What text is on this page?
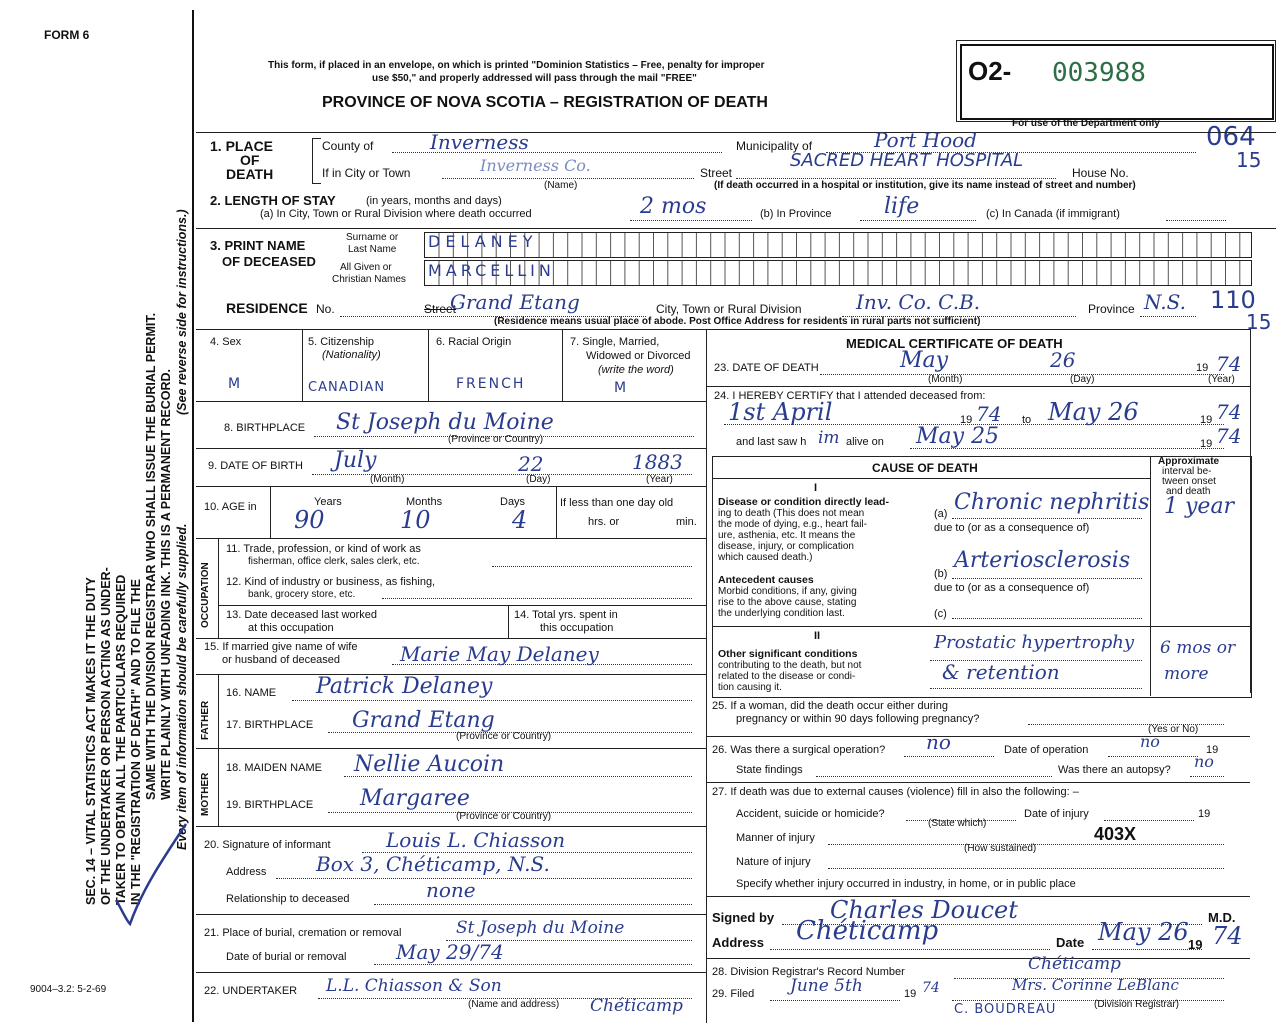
FORM 6
SEC. 14 – VITAL STATISTICS ACT MAKES IT THE DUTY OF THE UNDERTAKER OR PERSON ACTING AS UNDER- TAKER TO OBTAIN ALL THE PARTICULARS REQUIRED IN THE "REGISTRATION OF DEATH" AND TO FILE THE SAME WITH THE DIVISION REGISTRAR WHO SHALL ISSUE THE BURIAL PERMIT. WRITE PLAINLY WITH UNFADING INK. THIS IS A PERMANENT RECORD.
(See reverse side for instructions.)
Every item of information should be carefully supplied.
9004–3.2: 5-2-69
This form, if placed in an envelope, on which is printed "Dominion Statistics – Free, penalty for improper
use $50," and properly addressed will pass through the mail "FREE"
PROVINCE OF NOVA SCOTIA – REGISTRATION OF DEATH
O2- 003988
For use of the Department only 064
15
1. PLACE
OF
DEATH
County of	Inverness	Municipality of	Port Hood
If in City or Town	Inverness Co.
(Name)
Street
SACRED HEART HOSPITAL
House No.
(If death occurred in a hospital or institution, give its name instead of street and number)
2. LENGTH OF STAY	(in years, months and days)
(a) In City, Town or Rural Division where death occurred	2 mos	(b) In Province life	(c) In Canada (if immigrant)
3. PRINT NAME
OF DECEASED
Surname or
Last Name
All Given or
Christian Names
DELANEY
MARCELLIN
RESIDENCE No.	Street
Grand Etang	City, Town or Rural Division	Inv. Co. C.B.	Province N.S. 110
15
(Residence means usual place of abode. Post Office Address for residents in rural parts not sufficient)
4. Sex
M
5. Citizenship
(Nationality)
CANADIAN
6. Racial Origin
FRENCH
7. Single, Married,
Widowed or Divorced
(write the word)
M
8. BIRTHPLACE St Joseph du Moine
(Province or Country)
9. DATE OF BIRTH July	22	1883
(Month)	(Day)	(Year)
10. AGE in	Years
90
Months
10
Days
4
If less than one day old
hrs. or	min.
OCCUPATION
11. Trade, profession, or kind of work as
fisherman, office clerk, sales clerk, etc.
12. Kind of industry or business, as fishing,
bank, grocery store, etc.
13. Date deceased last worked
at this occupation
14. Total yrs. spent in
this occupation
15. If married give name of wife
or husband of deceased	Marie May Delaney
FATHER
16. NAME Patrick Delaney
17. BIRTHPLACE Grand Etang
(Province or Country)
MOTHER
18. MAIDEN NAME Nellie Aucoin
19. BIRTHPLACE Margaree
(Province or Country)
20. Signature of informant	Louis L. Chiasson
Address Box 3, Chéticamp, N.S.
Relationship to deceased	none
21. Place of burial, cremation or removal	St Joseph du Moine
Date of burial or removal May 29/74
22. UNDERTAKER L.L. Chiasson & Son
(Name and address) Chéticamp
MEDICAL CERTIFICATE OF DEATH
23. DATE OF DEATH	May	26	19 74
(Month)	(Day)	(Year)
24. I HEREBY CERTIFY that I attended deceased from:
1st April	19 74 to May 26	19 74
and last saw h im alive on May 25	19 74
CAUSE OF DEATH	Approximate
interval be-
tween onset
and death
I
Disease or condition directly lead-
ing to death (This does not mean
the mode of dying, e.g., heart fail-
ure, asthenia, etc. It means the
disease, injury, or complication
which caused death.)
(a) Chronic nephritis 1 year
due to (or as a consequence of)
Antecedent causes
Morbid conditions, if any, giving
rise to the above cause, stating
the underlying condition last.
(b)
Arteriosclerosis
due to (or as a consequence of)
(c)
II
Other significant conditions
contributing to the death, but not
related to the disease or condi-
tion causing it.
Prostatic hypertrophy
& retention
6 mos or
more
25. If a woman, did the death occur either during
pregnancy or within 90 days following pregnancy?
(Yes or No)
26. Was there a surgical operation? no	Date of operation	no	19
State findings	Was there an autopsy? no
27. If death was due to external causes (violence) fill in also the following: –
Accident, suicide or homicide?	Date of injury	19
(State which)
Manner of injury	403X
(How sustained)
Nature of injury
Specify whether injury occurred in industry, in home, or in public place
Signed by Charles Doucet	M.D.
Address Chéticamp	Date May 26 19 74
28. Division Registrar's Record Number	Chéticamp
29. Filed June 5th	19 74	Mrs. Corinne LeBlanc
(Division Registrar)
C. BOUDREAU
